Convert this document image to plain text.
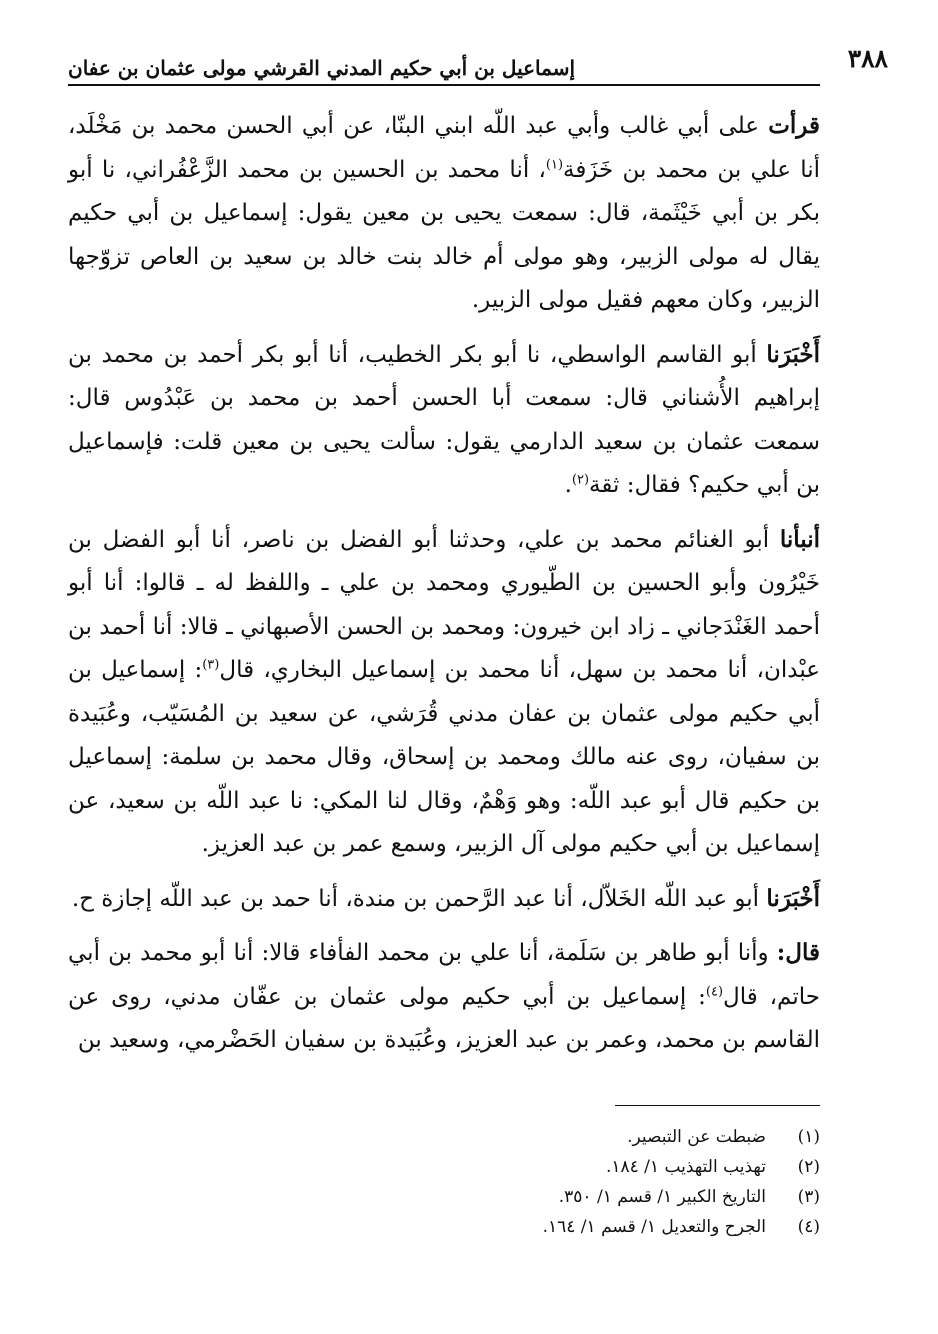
٣٨٨
إسماعيل بن أبي حكيم المدني القرشي مولى عثمان بن عفان

قرأت على أبي غالب وأبي عبد اللّه ابني البنّا، عن أبي الحسن محمد بن مَخْلَد، أنا علي بن محمد بن خَزَفة$^{(١)}$، أنا محمد بن الحسين بن محمد الزَّعْفُراني، نا أبو بكر بن أبي خَيْثَمة، قال: سمعت يحيى بن معين يقول: إسماعيل بن أبي حكيم يقال له مولى الزبير، وهو مولى أم خالد بنت خالد بن سعيد بن العاص تزوّجها الزبير، وكان معهم فقيل مولى الزبير.

أَخْبَرَنا أبو القاسم الواسطي، نا أبو بكر الخطيب، أنا أبو بكر أحمد بن محمد بن إبراهيم الأُشناني قال: سمعت أبا الحسن أحمد بن محمد بن عَبْدُوس قال: سمعت عثمان بن سعيد الدارمي يقول: سألت يحيى بن معين قلت: فإسماعيل بن أبي حكيم؟ فقال: ثقة$^{(٢)}$.

أنبأنا أبو الغنائم محمد بن علي، وحدثنا أبو الفضل بن ناصر، أنا أبو الفضل بن خَيْرُون وأبو الحسين بن الطّيوري ومحمد بن علي ـ واللفظ له ـ قالوا: أنا أبو أحمد الغَنْدَجاني ـ زاد ابن خيرون: ومحمد بن الحسن الأصبهاني ـ قالا: أنا أحمد بن عبْدان، أنا محمد بن سهل، أنا محمد بن إسماعيل البخاري، قال$^{(٣)}$: إسماعيل بن أبي حكيم مولى عثمان بن عفان مدني قُرَشي، عن سعيد بن المُسَيّب، وعُبَيدة بن سفيان، روى عنه مالك ومحمد بن إسحاق، وقال محمد بن سلمة: إسماعيل بن حكيم قال أبو عبد اللّه: وهو وَهْمٌ، وقال لنا المكي: نا عبد اللّه بن سعيد، عن إسماعيل بن أبي حكيم مولى آل الزبير، وسمع عمر بن عبد العزيز.

أَخْبَرَنا أبو عبد اللّه الخَلاّل، أنا عبد الرَّحمن بن مندة، أنا حمد بن عبد اللّه إجازة ح.

قال: وأنا أبو طاهر بن سَلَمة، أنا علي بن محمد الفأفاء قالا: أنا أبو محمد بن أبي حاتم، قال$^{(٤)}$: إسماعيل بن أبي حكيم مولى عثمان بن عفّان مدني، روى عن القاسم بن محمد، وعمر بن عبد العزيز، وعُبَيدة بن سفيان الحَضْرمي، وسعيد بن

(١)
ضبطت عن التبصير.
(٢)
تهذيب التهذيب ١/ ١٨٤.
(٣)
التاريخ الكبير ١/ قسم ١/ ٣٥٠.
(٤)
الجرح والتعديل ١/ قسم ١/ ١٦٤.
